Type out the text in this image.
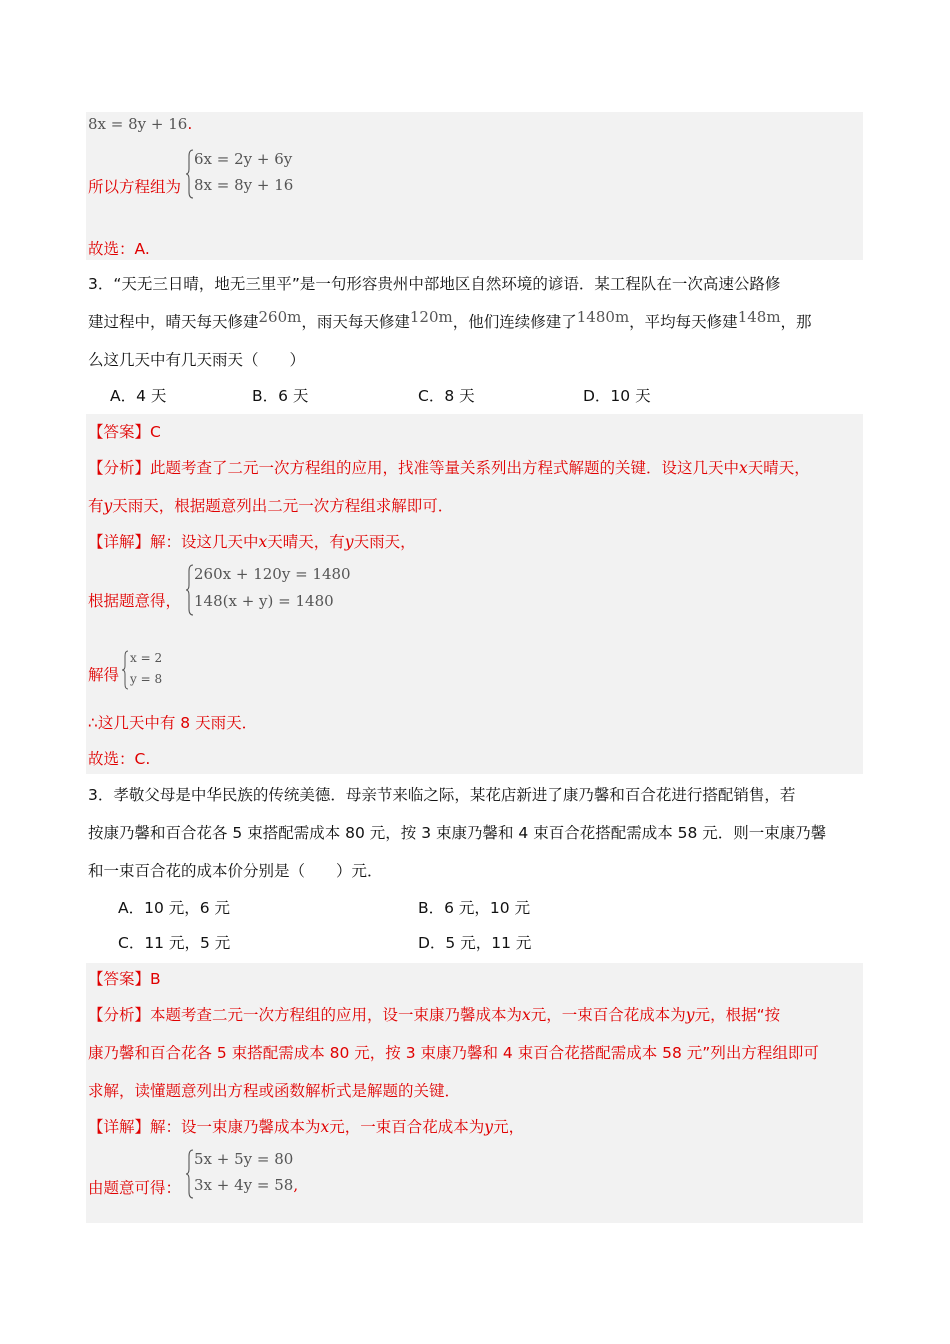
8x = 8y + 16.
所以方程组为
6x = 2y + 6y
8x = 8y + 16
故选：A.
3．“天无三日晴，地无三里平”是一句形容贵州中部地区自然环境的谚语．某工程队在一次高速公路修
建过程中，晴天每天修建260m，雨天每天修建120m，他们连续修建了1480m，平均每天修建148m，那
么这几天中有几天雨天（　　）
A．4 天	B．6 天	C．8 天	D．10 天
【答案】C
【分析】此题考查了二元一次方程组的应用，找准等量关系列出方程式解题的关键．设这几天中x天晴天，
有y天雨天，根据题意列出二元一次方程组求解即可．
【详解】解：设这几天中x天晴天，有y天雨天，
根据题意得，
260x + 120y = 1480
148(x + y) = 1480
解得
x = 2
y = 8
∴这几天中有 8 天雨天．
故选：C.
3．孝敬父母是中华民族的传统美德．母亲节来临之际，某花店新进了康乃馨和百合花进行搭配销售，若
按康乃馨和百合花各 5 束搭配需成本 80 元，按 3 束康乃馨和 4 束百合花搭配需成本 58 元．则一束康乃馨
和一束百合花的成本价分别是（　　）元．
A．10 元，6 元	B．6 元，10 元
C．11 元，5 元	D．5 元，11 元
【答案】B
【分析】本题考查二元一次方程组的应用，设一束康乃馨成本为x元，一束百合花成本为y元，根据“按
康乃馨和百合花各 5 束搭配需成本 80 元，按 3 束康乃馨和 4 束百合花搭配需成本 58 元”列出方程组即可
求解，读懂题意列出方程或函数解析式是解题的关键．
【详解】解：设一束康乃馨成本为x元，一束百合花成本为y元，
由题意可得：
5x + 5y = 80
3x + 4y = 58,
